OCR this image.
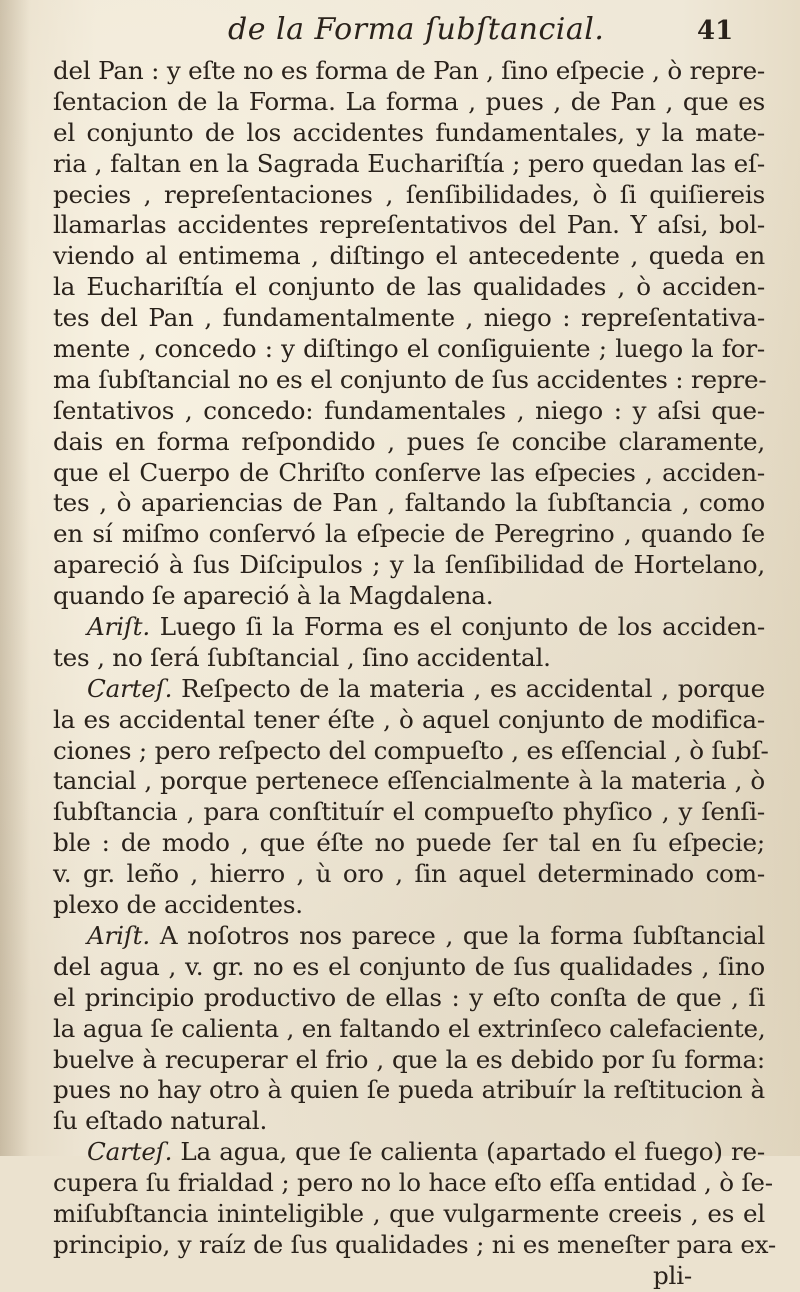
de la Forma ſubſtancial.	41
del Pan : y eſte no es forma de Pan , ſino eſpecie , ò repre-
ſentacion de la Forma. La forma , pues , de Pan , que es
el conjunto de los accidentes fundamentales, y la mate-
ria , faltan en la Sagrada Euchariſtía ; pero quedan las eſ-
pecies , repreſentaciones , ſenſibilidades, ò ſi quiſiereis
llamarlas accidentes repreſentativos del Pan. Y aſsi, bol-
viendo al entimema , diſtingo el antecedente , queda en
la Euchariſtía el conjunto de las qualidades , ò acciden-
tes del Pan , fundamentalmente , niego : repreſentativa-
mente , concedo : y diſtingo el conſiguiente ; luego la for-
ma ſubſtancial no es el conjunto de ſus accidentes : repre-
ſentativos , concedo: fundamentales , niego : y aſsi que-
dais en forma reſpondido , pues ſe concibe claramente,
que el Cuerpo de Chriſto conſerve las eſpecies , acciden-
tes , ò apariencias de Pan , faltando la ſubſtancia , como
en sí miſmo conſervó la eſpecie de Peregrino , quando ſe
apareció à ſus Diſcipulos ; y la ſenſibilidad de Hortelano,
quando ſe apareció à la Magdalena.
Ariſt. Luego ſi la Forma es el conjunto de los acciden-
tes , no ſerá ſubſtancial , ſino accidental.
Carteſ. Reſpecto de la materia , es accidental , porque
la es accidental tener éſte , ò aquel conjunto de modifica-
ciones ; pero reſpecto del compueſto , es eſſencial , ò ſubſ-
tancial , porque pertenece eſſencialmente à la materia , ò
ſubſtancia , para conſtituír el compueſto phyſico , y ſenſi-
ble : de modo , que éſte no puede ſer tal en ſu eſpecie;
v. gr. leño , hierro , ù oro , ſin aquel determinado com-
plexo de accidentes.
Ariſt. A noſotros nos parece , que la forma ſubſtancial
del agua , v. gr. no es el conjunto de ſus qualidades , ſino
el principio productivo de ellas : y eſto conſta de que , ſi
la agua ſe calienta , en faltando el extrinſeco calefaciente,
buelve à recuperar el frio , que la es debido por ſu forma:
pues no hay otro à quien ſe pueda atribuír la reſtitucion à
ſu eſtado natural.
Carteſ. La agua, que ſe calienta (apartado el fuego) re-
cupera ſu frialdad ; pero no lo hace eſto eſſa entidad , ò ſe-
miſubſtancia ininteligible , que vulgarmente creeis , es el
principio, y raíz de ſus qualidades ; ni es meneſter para ex-
pli-
